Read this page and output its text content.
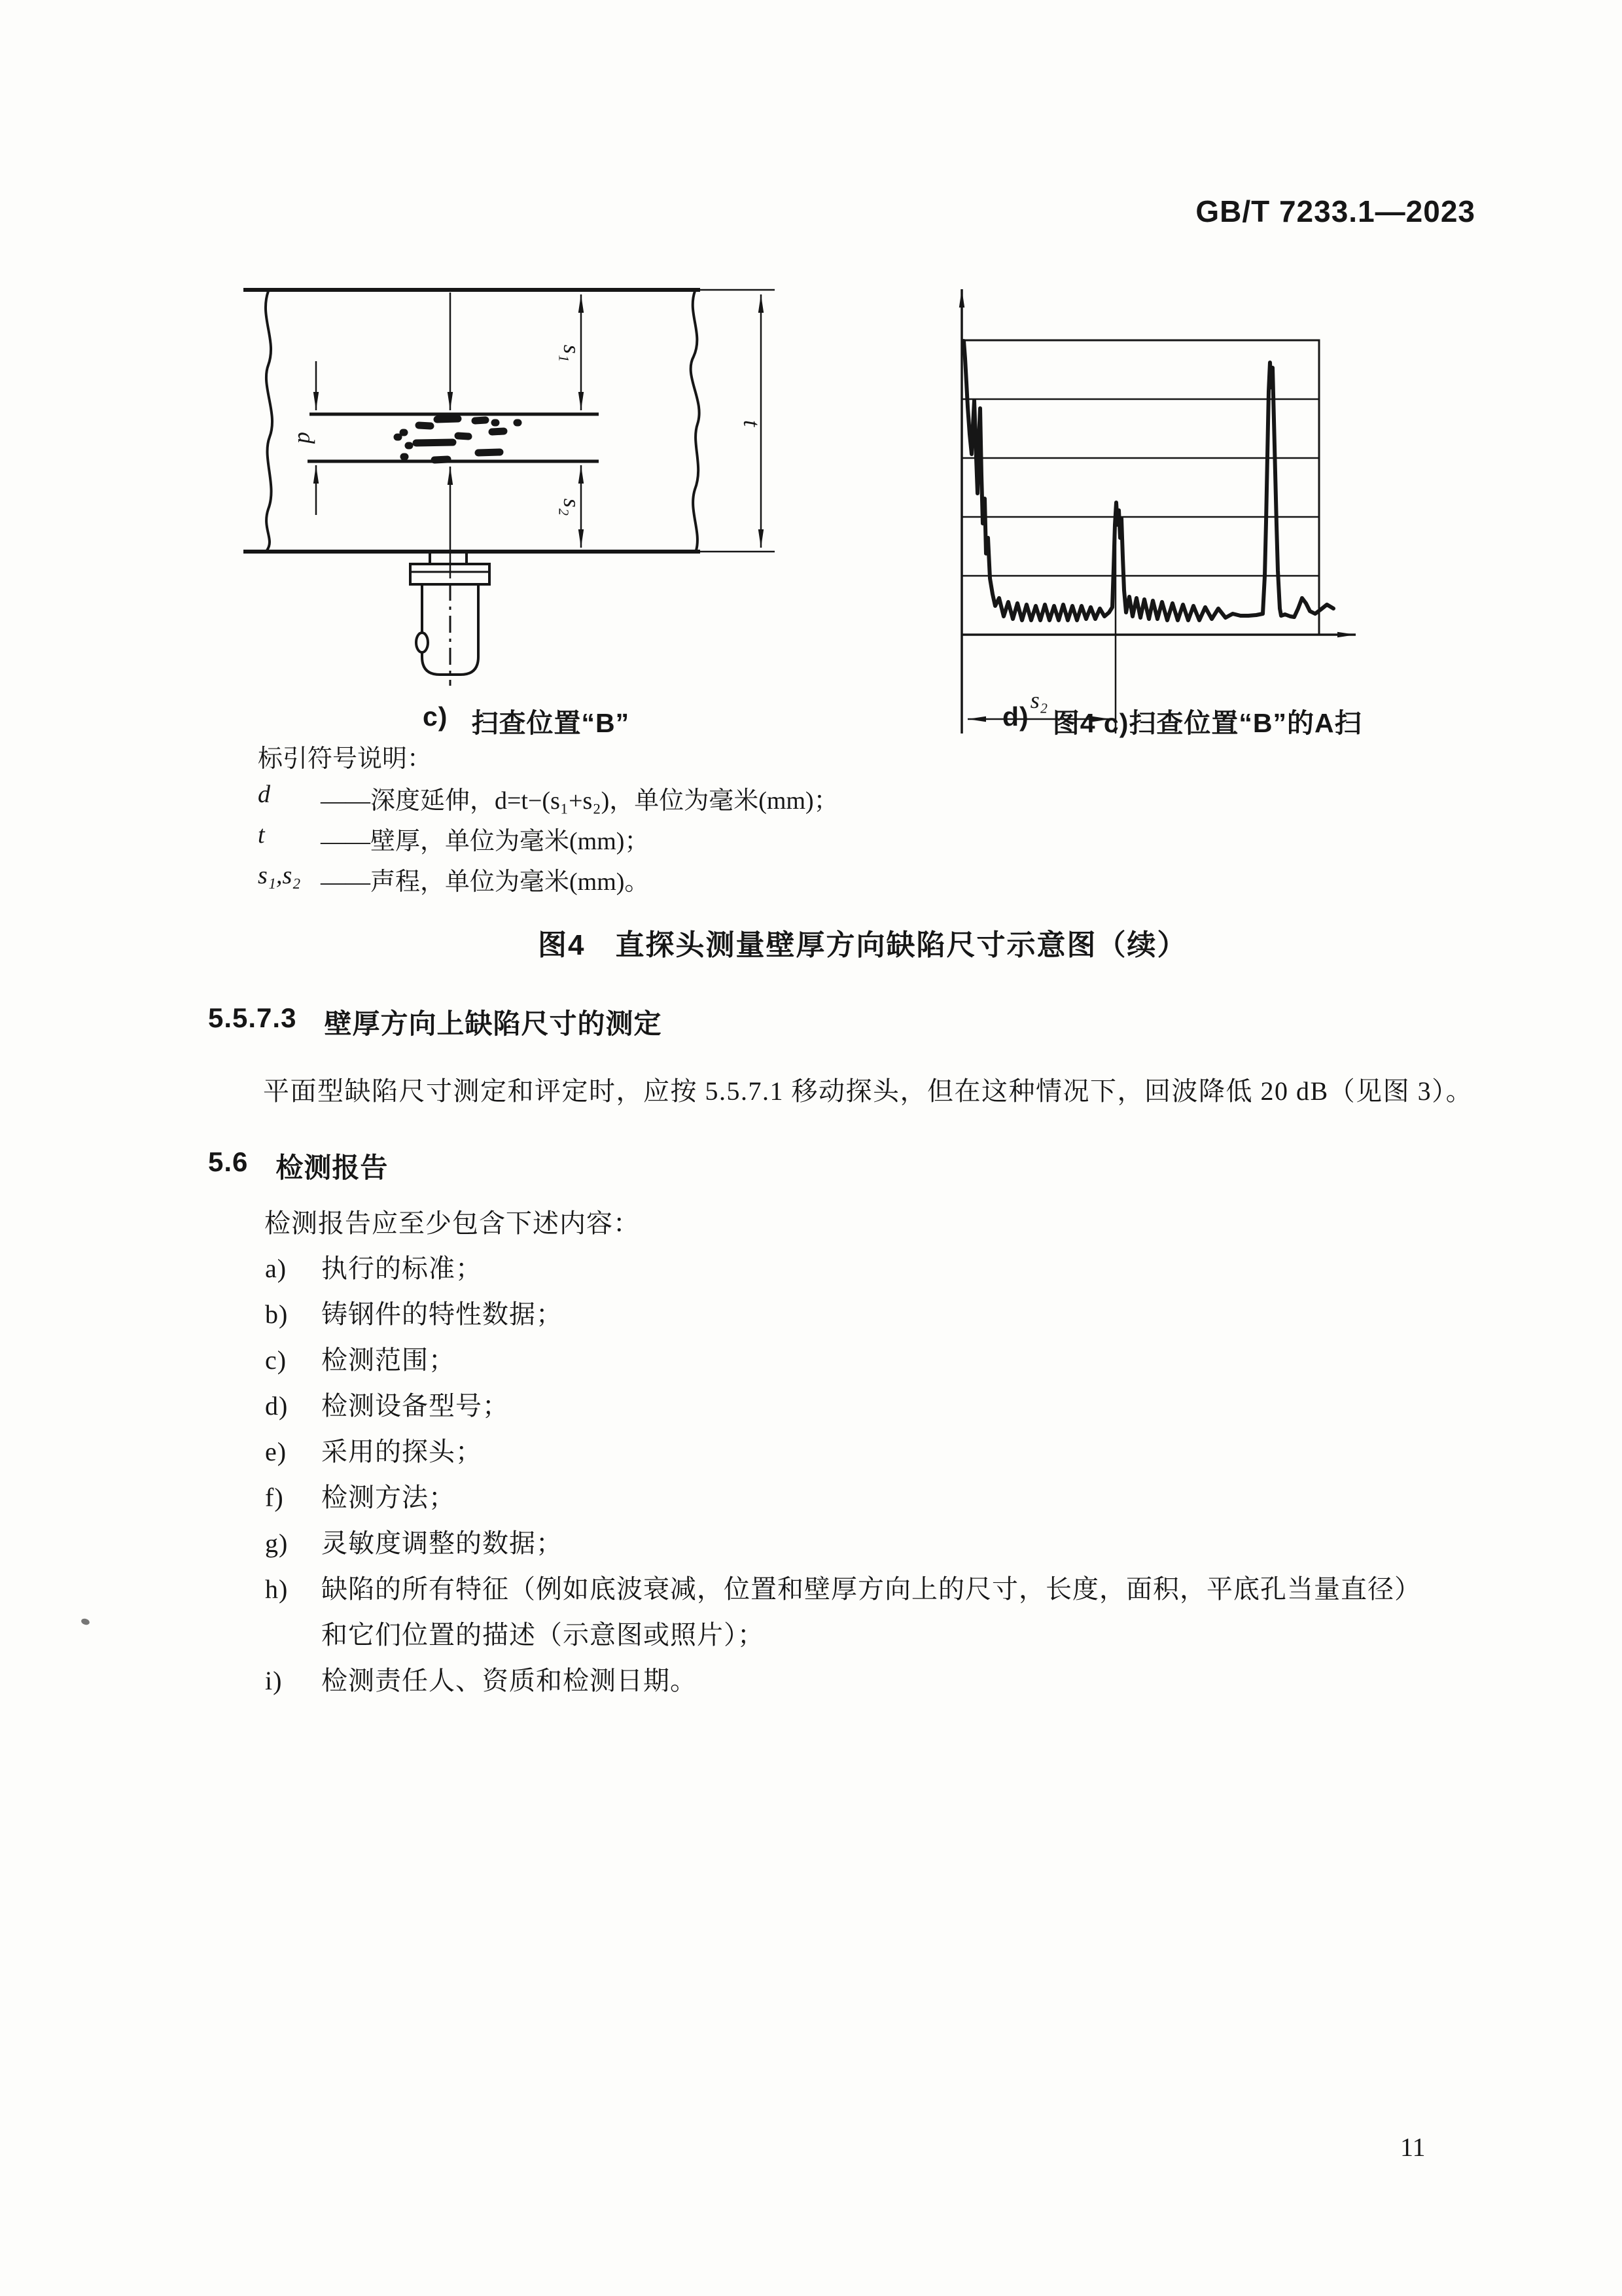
GB/T 7233.1—2023
s₁
s₂
d
t
s₂
c) 扫查位置“B”	d) 图4 c)扫查位置“B”的A扫
标引符号说明：
d	——深度延伸，d=t−(s₁+s₂)，单位为毫米(mm)；
t	——壁厚，单位为毫米(mm)；
s₁,s₂ ——声程，单位为毫米(mm)。
图4　直探头测量壁厚方向缺陷尺寸示意图（续）
5.5.7.3 壁厚方向上缺陷尺寸的测定
平面型缺陷尺寸测定和评定时，应按 5.5.7.1 移动探头，但在这种情况下，回波降低 20 dB（见图 3）。
5.6 检测报告
检测报告应至少包含下述内容：
a)	执行的标准；
b)	铸钢件的特性数据；
c)	检测范围；
d)	检测设备型号；
e)	采用的探头；
f)	检测方法；
g)	灵敏度调整的数据；
h)	缺陷的所有特征（例如底波衰减，位置和壁厚方向上的尺寸，长度，面积，平底孔当量直径）和它们位置的描述（示意图或照片）；
i)	检测责任人、资质和检测日期。
11
